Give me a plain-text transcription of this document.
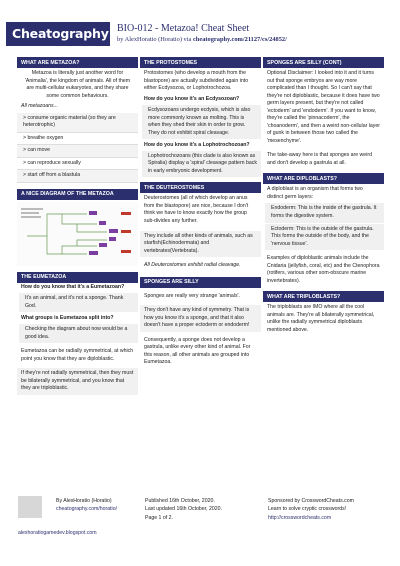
Cheatography BIO-012 - Metazoa! Cheat Sheet
by AlexHoratio (Horatio) via cheatography.com/21127/cs/24852/
WHAT ARE METAZOA?
Metazoa is literally just another word for 'Animalia', the kingdom of animals. All of them are multi-cellular eukaryotes, and they share some common behaviours.
All metazoans...
> consume organic material (so they are heterotrophic)
> breathe oxygen
> can move
> can reproduce sexually
> start off from a blastula
A NICE DIAGRAM OF THE METAZOA
THE EUMETAZOA
How do you know that it's a Eumetazoan?
It's an animal, and it's not a sponge. Thank God.
What groups is Eumetazoa split into?
Checking the diagram about now would be a good idea.
Eumetazoa can be radially symmetrical, at which point you know that they are diploblastic.
If they're not radially symmetrical, then they must be bilaterally symmetrical, and you know that they are triploblastic.
THE PROTOSTOMES
Protostomes (who develop a mouth from the blastopore) are actually subdivided again into either Ecdysozoa, or Lophotrochozoa.
How do you know it's an Ecdysozoan?
Ecdysozoans undergo ecdysis, which is also more commonly known as molting. This is when they shed their skin in order to grow. They do not exhibit spiral cleavage.
How do you know it's a Lophotrochozoan?
Lophotrochozoans (this clade is also known as Spiralia) display a 'spiral' cleavage pattern back in early embryonic development.
THE DEUTEROSTOMES
Deuterostomes (all of which develop an anus from the blastopore) are nice, because I don't think we have to know exactly how the group sub-divides any further.
They include all other kinds of animals, such as starfish(Echinodermata) and vertebrates(Vertebrata).
All Deuterostomes exhibit radial cleavage.
SPONGES ARE SILLY
Sponges are really very strange 'animals'.
They don't have any kind of symmetry. That is how you know it's a sponge, and that it also doesn't have a proper ectoderm or endoderm!
Consequently, a sponge does not develop a gastrula, unlike every other kind of animal. For this reason, all other animals are grouped into Eumetazoa.
SPONGES ARE SILLY (CONT)
Optional Disclaimer: I looked into it and it turns out that sponge embryos are way more complicated than I thought. So I can't say that they're not diploblastic, because it does have two germ layers present, but they're not called 'ectoderm' and 'endoderm'. If you want to know, they're called the 'pinnacoderm', the 'choanoderm', and then a weird non-cellular layer of gunk in between those two called the 'mesenchyme'.
The take-away here is that sponges are weird and don't develop a gastrula at all.
WHAT ARE DIPLOBLASTS?
A diploblast is an organism that forms two distinct germ layers:
Endoderm: This is the inside of the gastrula. It forms the digestive system.
Ectoderm: This is the outside of the gastrula. This forms the outside of the body, and the 'nervous tissue'.
Examples of diploblastic animals include the Cnidaria (jellyfish, coral, etc) and the Ctenophora (rotifers, various other som-obscure marine invertebrates).
WHAT ARE TRIPLOBLASTS?
The triploblasts are IMO where all the cool animals are. They're all bilaterally symmetrical, unlike the radially symmetrical diploblasts mentioned above.
By AlexHoratio (Horatio)
cheatography.com/horatio/
Published 16th October, 2020.
Last updated 16th October, 2020.
Page 1 of 2.
Sponsored by CrosswordCheats.com
Learn to solve cryptic crosswords!
http://crosswordcheats.com
alexhoratiogamedev.blogspot.com
